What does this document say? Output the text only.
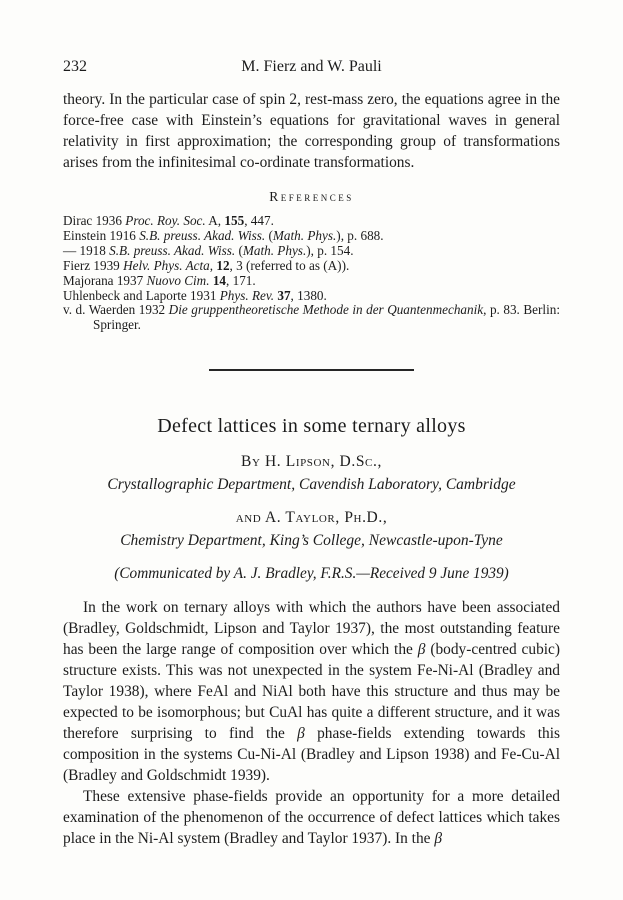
232	M. Fierz and W. Pauli

theory. In the particular case of spin 2, rest-mass zero, the equations agree in the force-free case with Einstein’s equations for gravitational waves in general relativity in first approximation; the corresponding group of transformations arises from the infinitesimal co-ordinate transformations.

References

Dirac 1936 Proc. Roy. Soc. A, 155, 447.

Einstein 1916 S.B. preuss. Akad. Wiss. (Math. Phys.), p. 688.

— 1918 S.B. preuss. Akad. Wiss. (Math. Phys.), p. 154.

Fierz 1939 Helv. Phys. Acta, 12, 3 (referred to as (A)).

Majorana 1937 Nuovo Cim. 14, 171.

Uhlenbeck and Laporte 1931 Phys. Rev. 37, 1380.

v. d. Waerden 1932 Die gruppentheoretische Methode in der Quantenmechanik, p. 83. Berlin: Springer.

Defect lattices in some ternary alloys

By H. Lipson, D.Sc.,

Crystallographic Department, Cavendish Laboratory, Cambridge

and A. Taylor, Ph.D.,

Chemistry Department, King’s College, Newcastle-upon-Tyne

(Communicated by A. J. Bradley, F.R.S.—Received 9 June 1939)

In the work on ternary alloys with which the authors have been associated (Bradley, Goldschmidt, Lipson and Taylor 1937), the most outstanding feature has been the large range of composition over which the β (body-centred cubic) structure exists. This was not unexpected in the system Fe-Ni-Al (Bradley and Taylor 1938), where FeAl and NiAl both have this structure and thus may be expected to be isomorphous; but CuAl has quite a different structure, and it was therefore surprising to find the β phase-fields extending towards this composition in the systems Cu-Ni-Al (Bradley and Lipson 1938) and Fe-Cu-Al (Bradley and Goldschmidt 1939).

These extensive phase-fields provide an opportunity for a more detailed examination of the phenomenon of the occurrence of defect lattices which takes place in the Ni-Al system (Bradley and Taylor 1937). In the β
